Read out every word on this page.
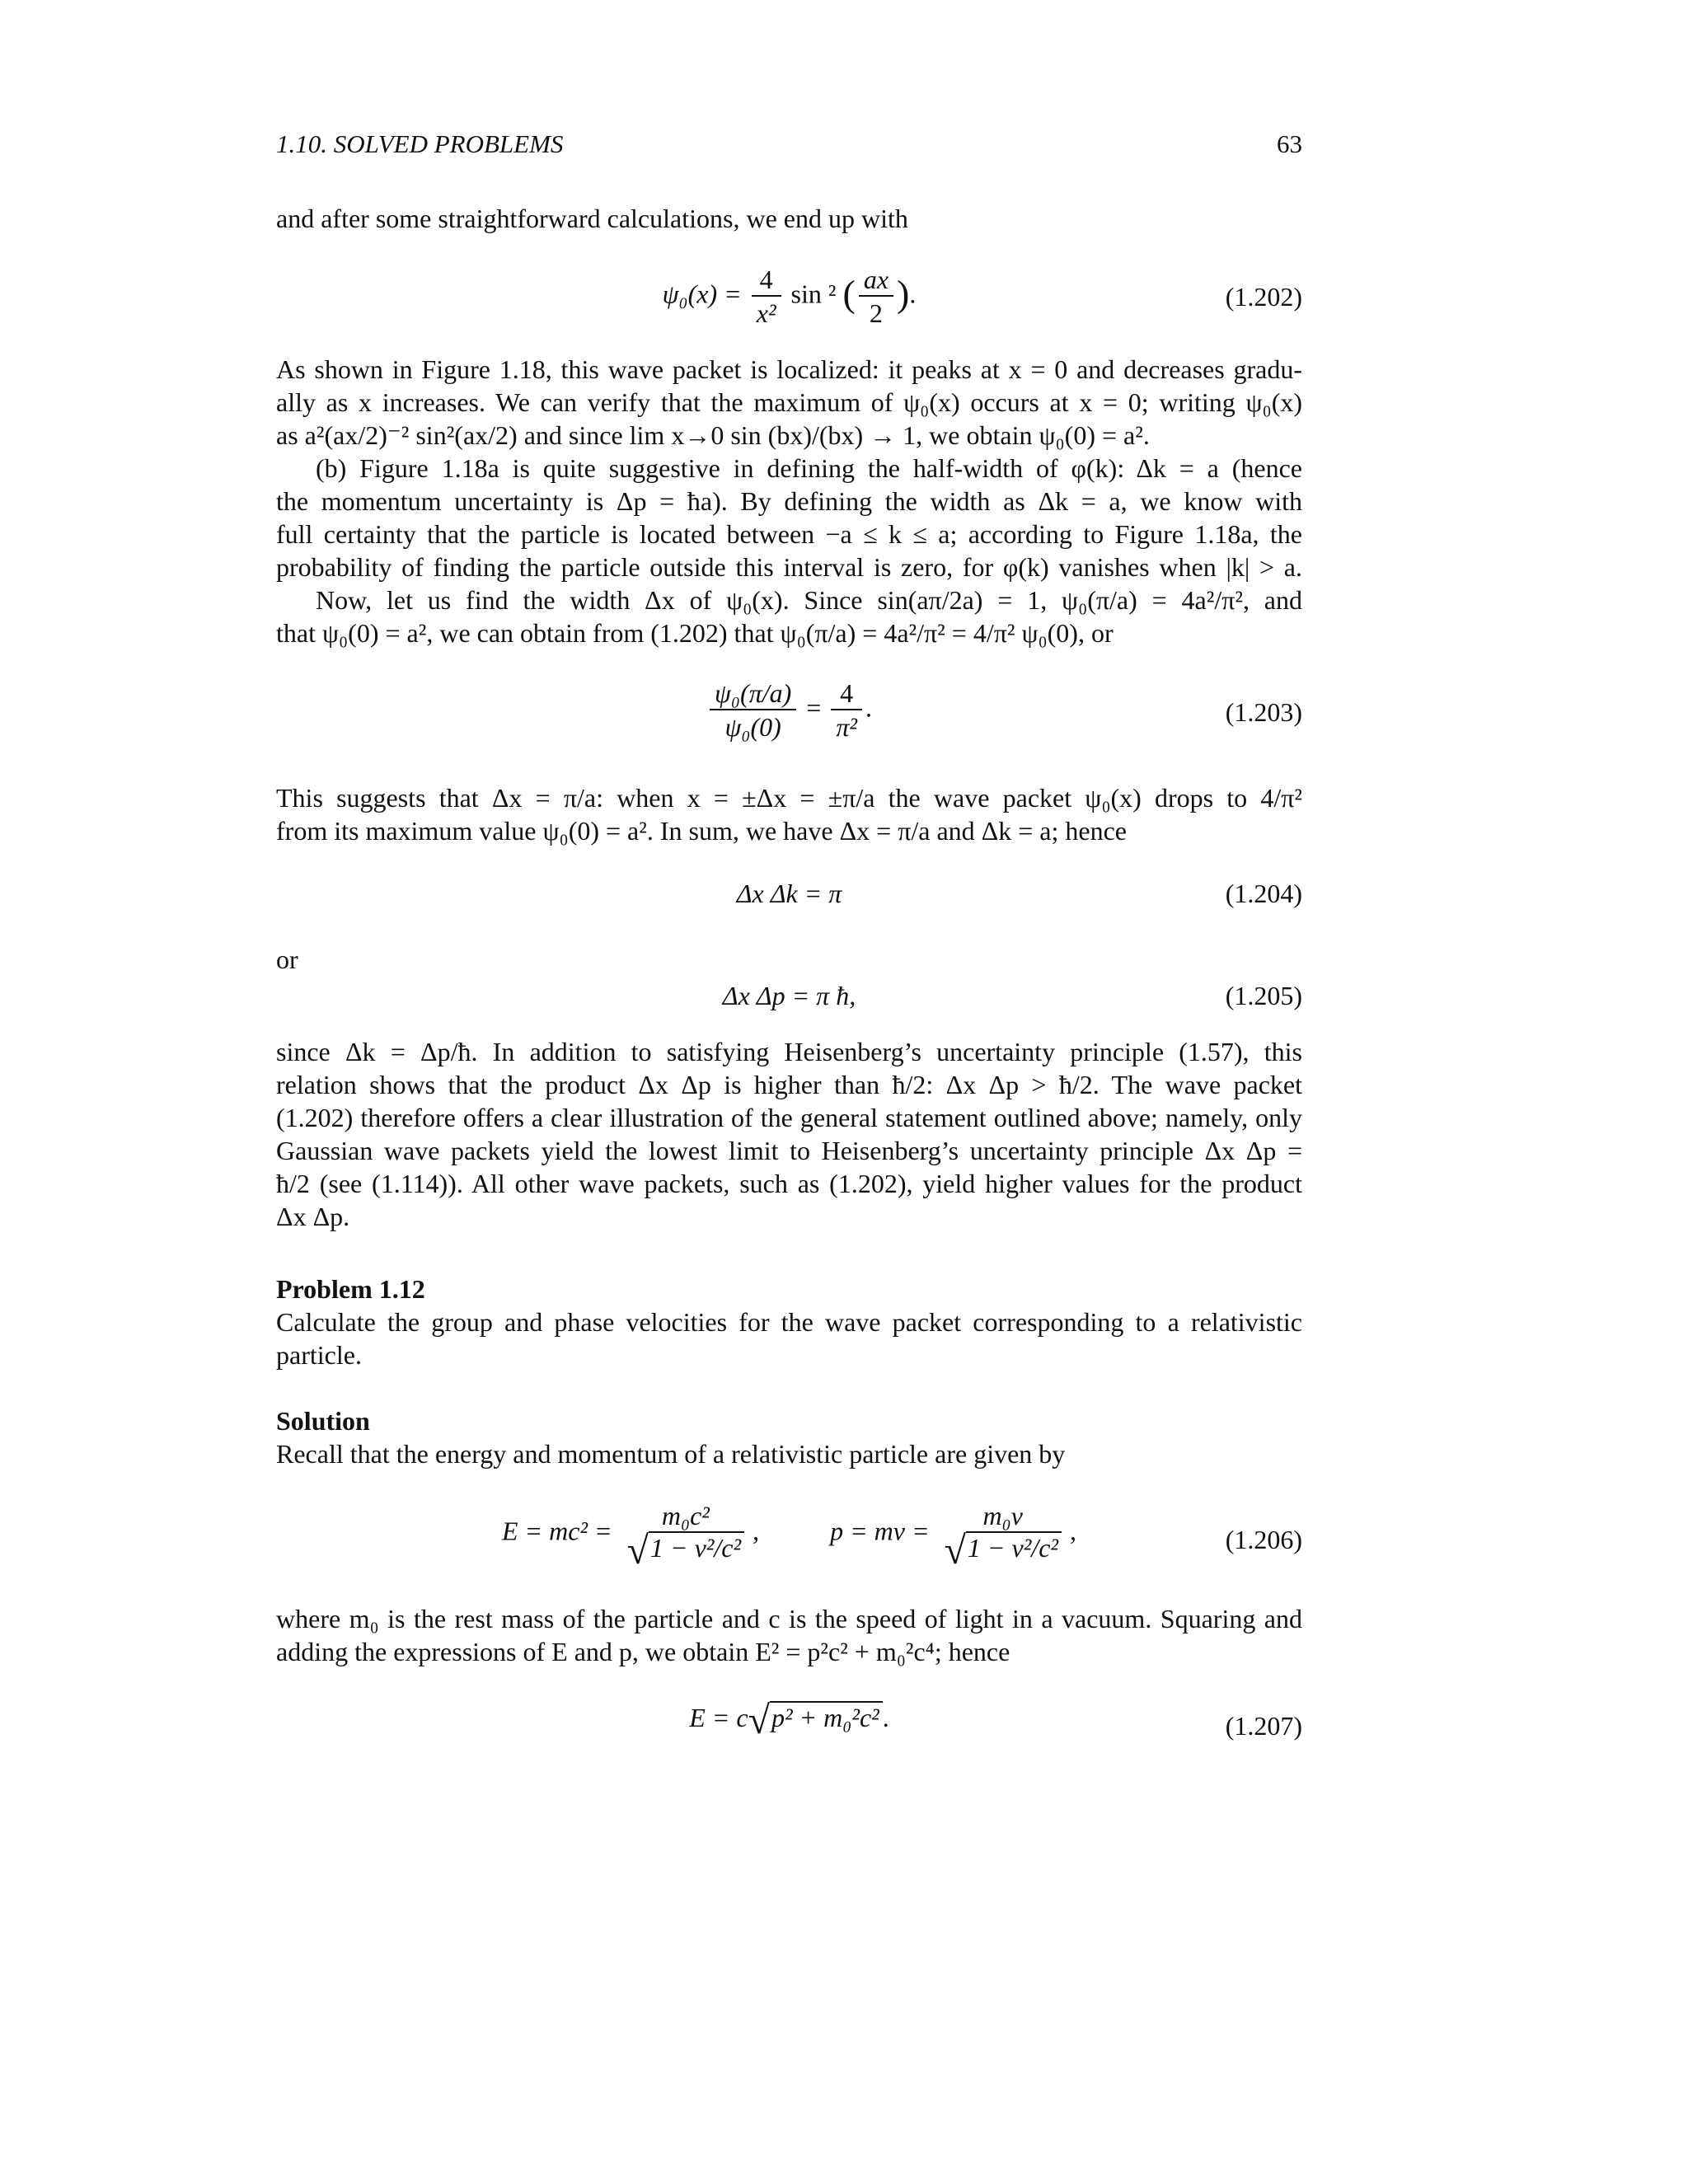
1.10. SOLVED PROBLEMS	63

and after some straightforward calculations, we end up with

$\psi_0(x) = \frac{4}{\text{x²}}$ sin ² ( $\frac{ax}{2}$ ).	(1.202)

As shown in Figure 1.18, this wave packet is localized: it peaks at x = 0 and decreases gradu-
ally as x increases. We can verify that the maximum of ψ₀(x) occurs at x = 0; writing ψ₀(x)
as a²(ax/2)⁻² sin²(ax/2) and since lim x→0 sin (bx)/(bx) → 1, we obtain ψ₀(0) = a².

(b) Figure 1.18a is quite suggestive in defining the half-width of φ(k): Δk = a (hence
the momentum uncertainty is Δp = ħa). By defining the width as Δk = a, we know with
full certainty that the particle is located between −a ≤ k ≤ a; according to Figure 1.18a, the
probability of finding the particle outside this interval is zero, for φ(k) vanishes when |k| > a.

Now, let us find the width Δx of ψ₀(x). Since sin(aπ/2a) = 1, ψ₀(π/a) = 4a²/π², and
that ψ₀(0) = a², we can obtain from (1.202) that ψ₀(π/a) = 4a²/π² = 4/π² ψ₀(0), or

$\frac{\text{ψ₀(π/a)}}{\text{ψ₀(0)}} = \frac{4}{\text{π²}}$ .	(1.203)

This suggests that Δx = π/a: when x = ±Δx = ±π/a the wave packet ψ₀(x) drops to 4/π²
from its maximum value ψ₀(0) = a². In sum, we have Δx = π/a and Δk = a; hence

Δx Δk = π	(1.204)
or
Δx Δp = π ħ,	(1.205)

since Δk = Δp/ħ. In addition to satisfying Heisenberg’s uncertainty principle (1.57), this
relation shows that the product Δx Δp is higher than ħ/2: Δx Δp > ħ/2. The wave packet
(1.202) therefore offers a clear illustration of the general statement outlined above; namely, only
Gaussian wave packets yield the lowest limit to Heisenberg’s uncertainty principle Δx Δp =
ħ/2 (see (1.114)). All other wave packets, such as (1.202), yield higher values for the product
Δx Δp.

Problem 1.12

Calculate the group and phase velocities for the wave packet corresponding to a relativistic
particle.

Solution

Recall that the energy and momentum of a relativistic particle are given by

E = mc² =
m₀c²
√1 − v²/c²
,	p = mv =
m₀v
√1 − v²/c²
,	(1.206)

where m₀ is the rest mass of the particle and c is the speed of light in a vacuum. Squaring and
adding the expressions of E and p, we obtain E² = p²c² + m₀²c⁴; hence

E = c√p² + m₀²c² .	(1.207)
